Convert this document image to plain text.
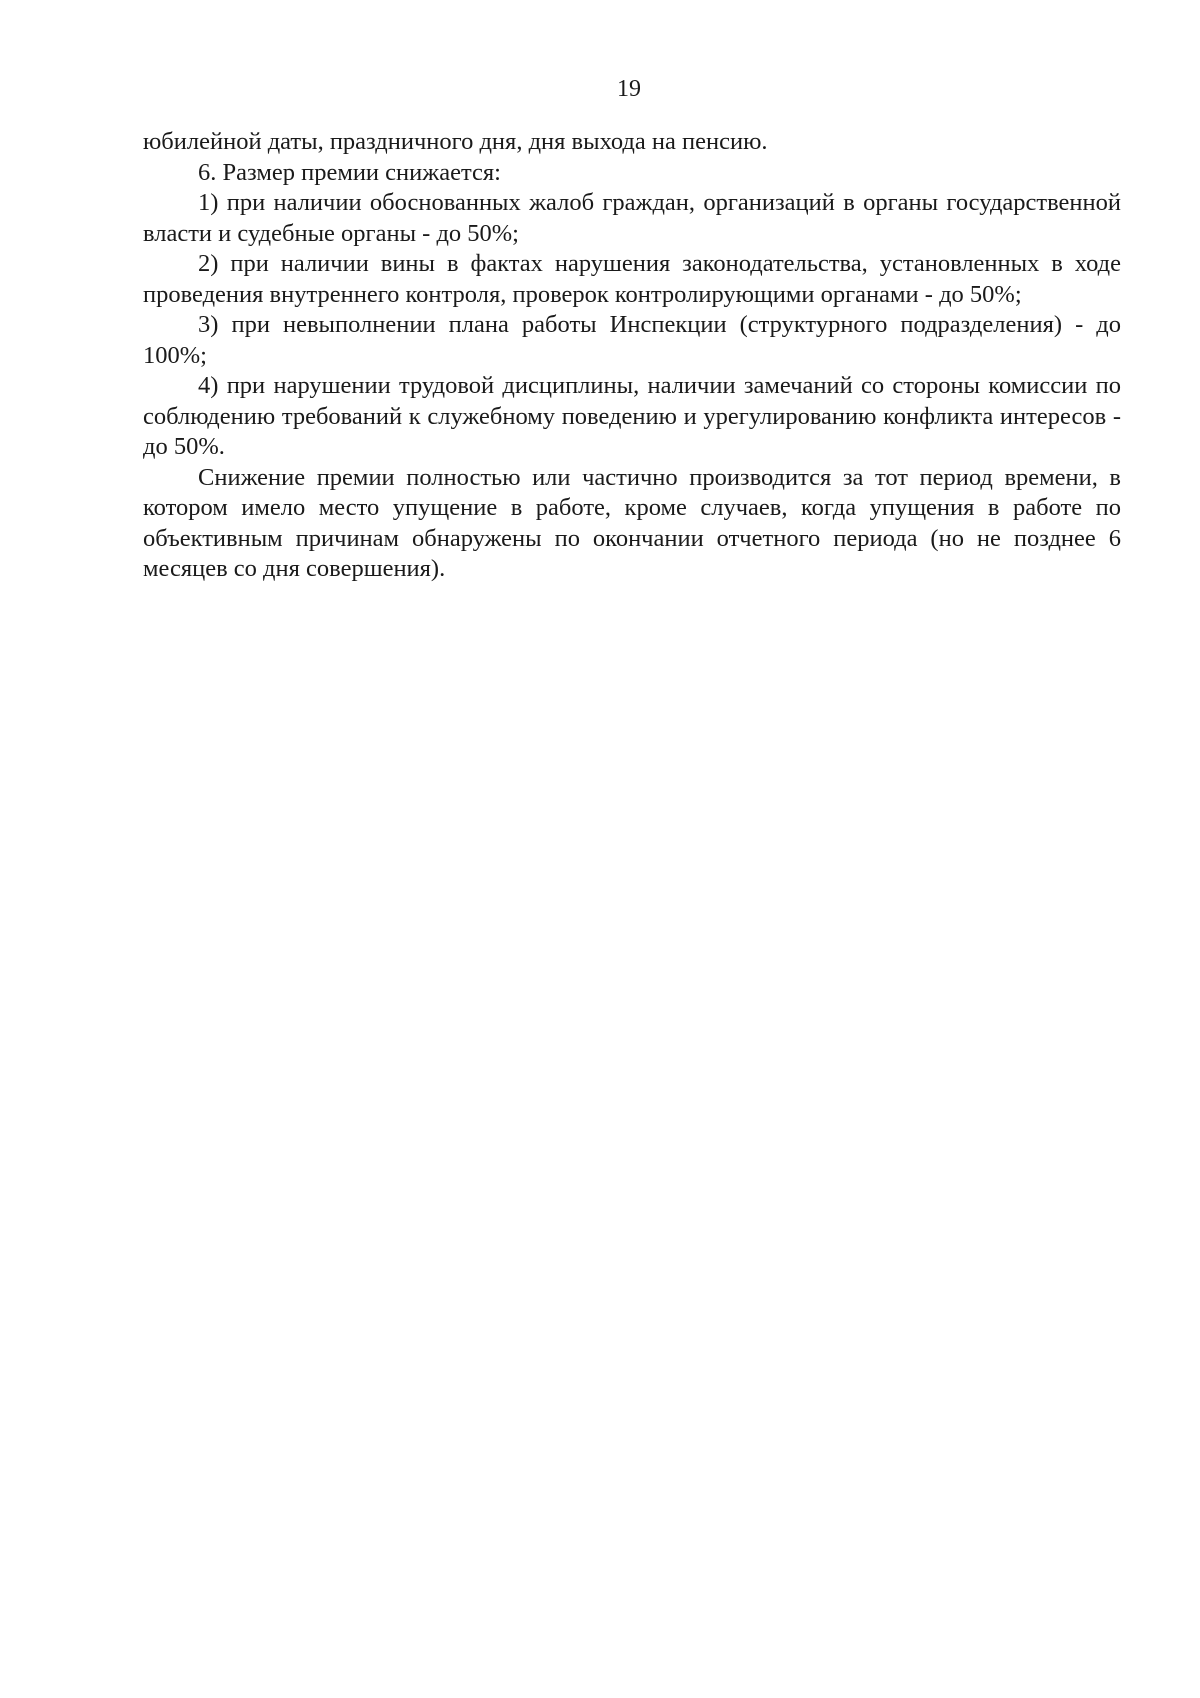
19

юбилейной даты, праздничного дня, дня выхода на пенсию.

6. Размер премии снижается:

1) при наличии обоснованных жалоб граждан, организаций в органы государственной власти и судебные органы - до 50%;

2) при наличии вины в фактах нарушения законодательства, установленных в ходе проведения внутреннего контроля, проверок контролирующими органами - до 50%;

3) при невыполнении плана работы Инспекции (структурного подразделения) - до 100%;

4) при нарушении трудовой дисциплины, наличии замечаний со стороны комиссии по соблюдению требований к служебному поведению и урегулированию конфликта интересов - до 50%.

Снижение премии полностью или частично производится за тот период времени, в котором имело место упущение в работе, кроме случаев, когда упущения в работе по объективным причинам обнаружены по окончании отчетного периода (но не позднее 6 месяцев со дня совершения).
